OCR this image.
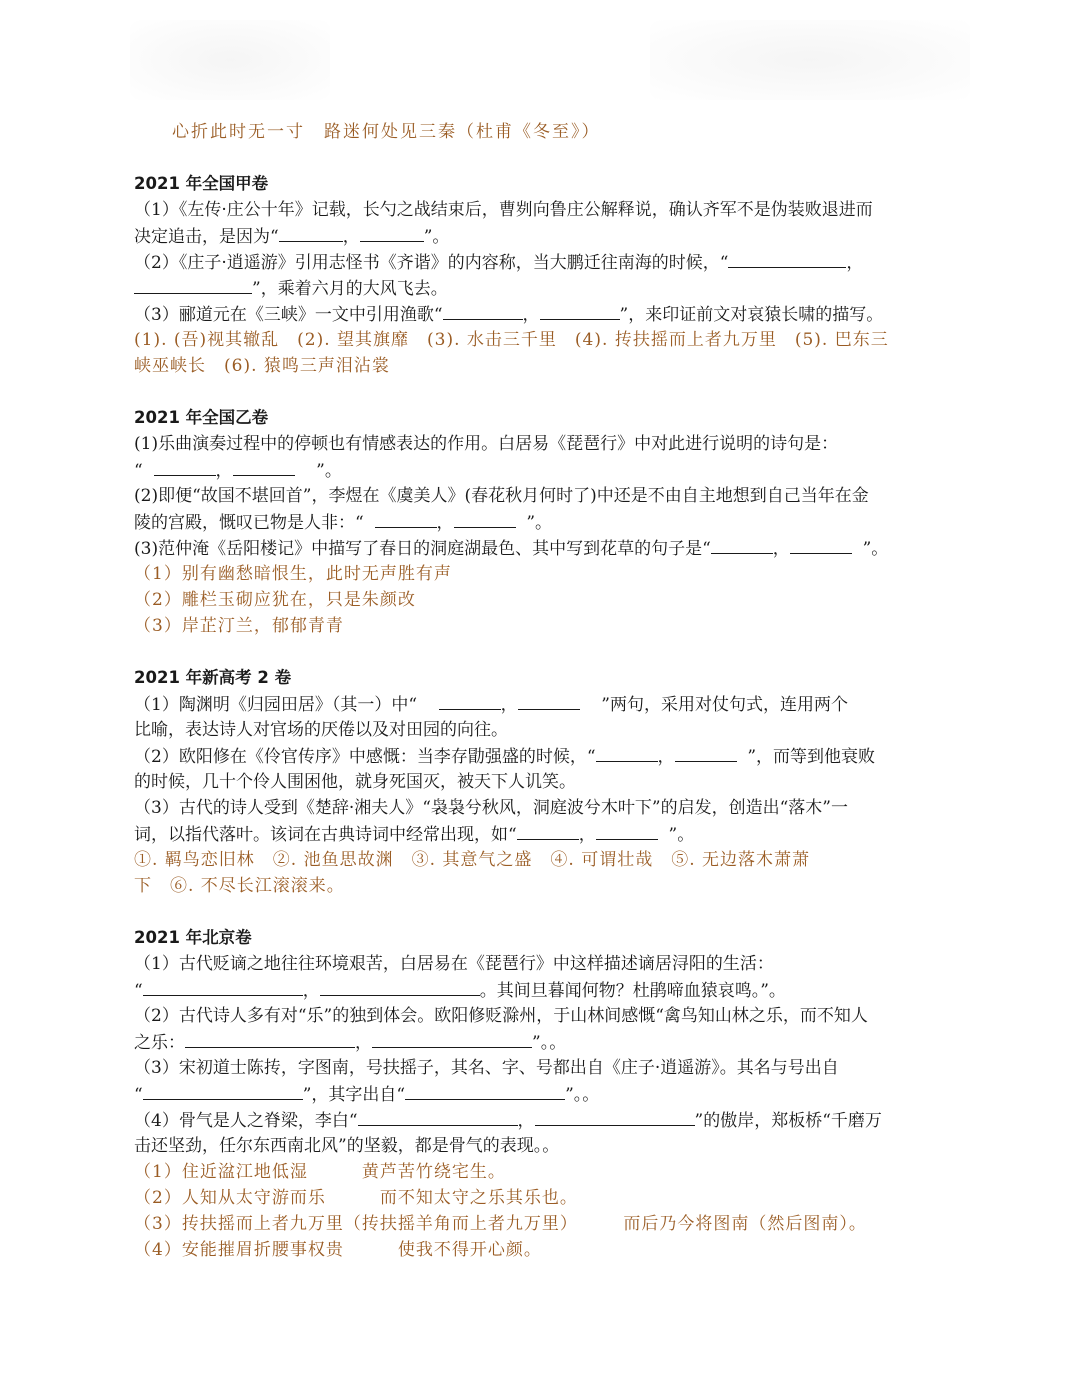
心折此时无一寸　路迷何处见三秦（杜甫《冬至》）
2021 年全国甲卷
（1）《左传·庄公十年》记载，长勺之战结束后，曹刿向鲁庄公解释说，确认齐军不是伪装败退进而
决定追击，是因为“	，	”。
（2）《庄子·逍遥游》引用志怪书《齐谐》的内容称，当大鹏迁往南海的时候，“	，
”，乘着六月的大风飞去。
（3）郦道元在《三峡》一文中引用渔歌“	，	”，来印证前文对哀猿长啸的描写。
(1). (吾)视其辙乱　(2). 望其旗靡　(3). 水击三千里　(4). 抟扶摇而上者九万里　(5). 巴东三
峡巫峡长　(6). 猿鸣三声泪沾裳
2021 年全国乙卷
(1)乐曲演奏过程中的停顿也有情感表达的作用。白居易《琵琶行》中对此进行说明的诗句是：
“	，	”。
(2)即便“故国不堪回首”，李煜在《虞美人》(春花秋月何时了)中还是不由自主地想到自己当年在金
陵的宫殿，慨叹已物是人非：“	，	”。
(3)范仲淹《岳阳楼记》中描写了春日的洞庭湖最色、其中写到花草的句子是“	，	”。
（1）别有幽愁暗恨生，此时无声胜有声
（2）雕栏玉砌应犹在，只是朱颜改
（3）岸芷汀兰，郁郁青青
2021 年新高考 2 卷
（1）陶渊明《归园田居》（其一）中“	，	”两句，采用对仗句式，连用两个
比喻，表达诗人对官场的厌倦以及对田园的向往。
（2）欧阳修在《伶官传序》中感慨：当李存勖强盛的时候，“	，	”，而等到他衰败
的时候，几十个伶人围困他，就身死国灭，被天下人讥笑。
（3）古代的诗人受到《楚辞·湘夫人》“袅袅兮秋风，洞庭波兮木叶下”的启发，创造出“落木”一
词，以指代落叶。该词在古典诗词中经常出现，如“	，	”。
①. 羁鸟恋旧林　②. 池鱼思故渊　③. 其意气之盛　④. 可谓壮哉　⑤. 无边落木萧萧
下　⑥. 不尽长江滚滚来。
2021 年北京卷
（1）古代贬谪之地往往环境艰苦，白居易在《琵琶行》中这样描述谪居浔阳的生活：
“	，	。其间旦暮闻何物？杜鹃啼血猿哀鸣。”。
（2）古代诗人多有对“乐”的独到体会。欧阳修贬滁州，于山林间感慨“禽鸟知山林之乐，而不知人
之乐：	，	”。。
（3）宋初道士陈抟，字图南，号扶摇子，其名、字、号都出自《庄子·逍遥游》。其名与号出自
“	”，其字出自“	”。。
（4）骨气是人之脊梁，李白“	，	”的傲岸，郑板桥“千磨万
击还坚劲，任尔东西南北风”的坚毅，都是骨气的表现。。
（1）住近湓江地低湿　　　黄芦苦竹绕宅生。
（2）人知从太守游而乐　　　而不知太守之乐其乐也。
（3）抟扶摇而上者九万里（抟扶摇羊角而上者九万里）　　　而后乃今将图南（然后图南）。
（4）安能摧眉折腰事权贵　　　使我不得开心颜。
